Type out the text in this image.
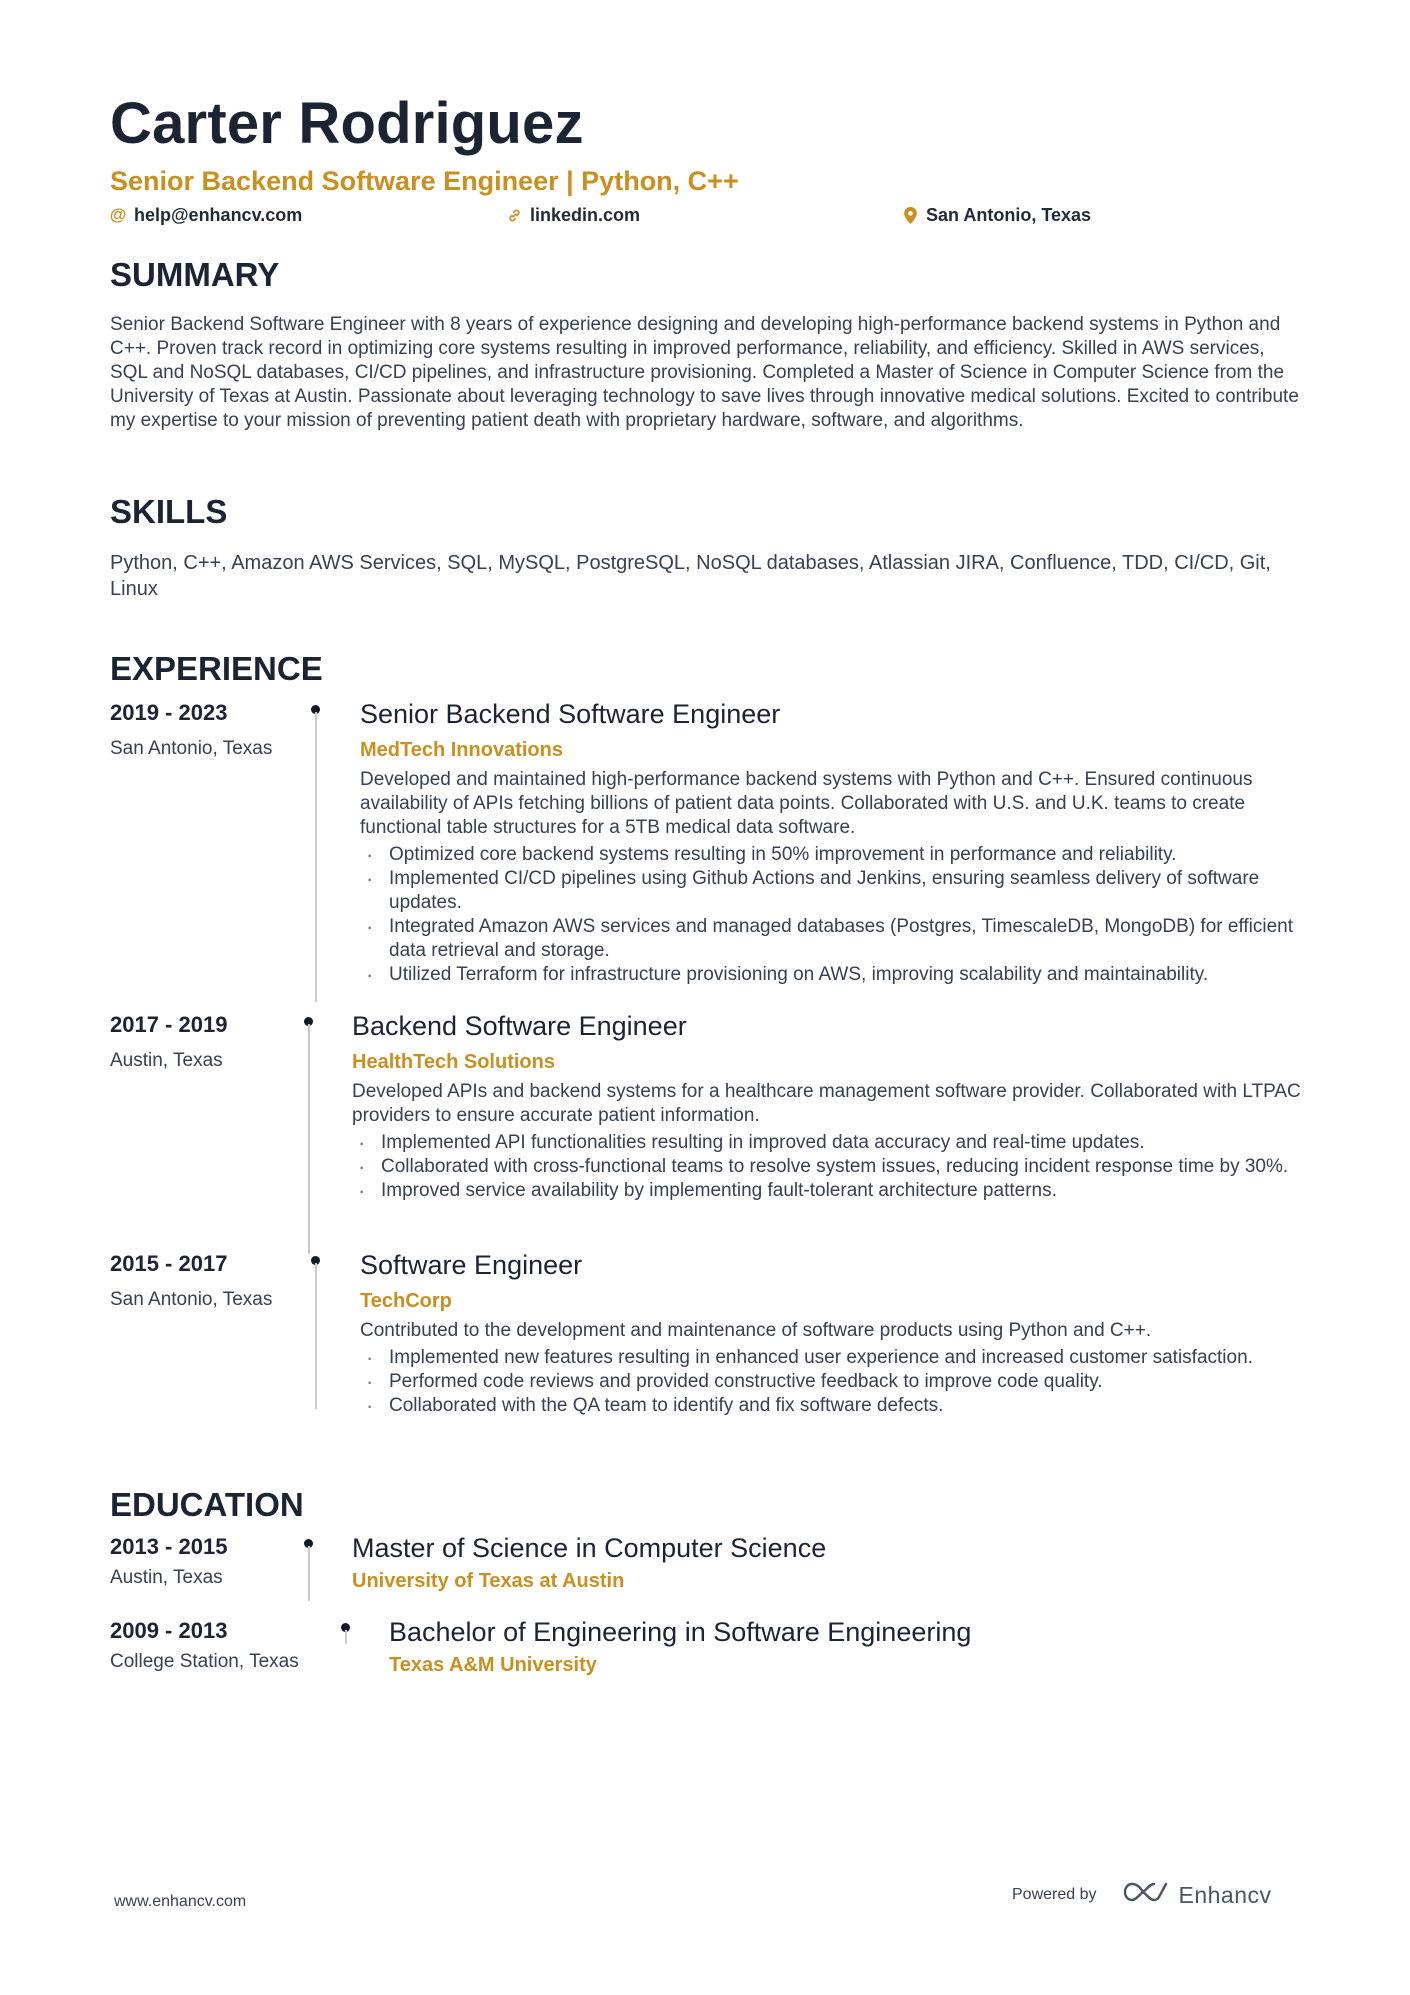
Carter Rodriguez
Senior Backend Software Engineer | Python, C++
@ help@enhancv.com	linkedin.com	San Antonio, Texas
SUMMARY

Senior Backend Software Engineer with 8 years of experience designing and developing high-performance backend systems in Python and C++. Proven track record in optimizing core systems resulting in improved performance, reliability, and efficiency. Skilled in AWS services, SQL and NoSQL databases, CI/CD pipelines, and infrastructure provisioning. Completed a Master of Science in Computer Science from the University of Texas at Austin. Passionate about leveraging technology to save lives through innovative medical solutions. Excited to contribute my expertise to your mission of preventing patient death with proprietary hardware, software, and algorithms.

SKILLS

Python, C++, Amazon AWS Services, SQL, MySQL, PostgreSQL, NoSQL databases, Atlassian JIRA, Confluence, TDD, CI/CD, Git, Linux

EXPERIENCE
2019 - 2023
San Antonio, Texas
Senior Backend Software Engineer
MedTech Innovations
Developed and maintained high-performance backend systems with Python and C++. Ensured continuous availability of APIs fetching billions of patient data points. Collaborated with U.S. and U.K. teams to create functional table structures for a 5TB medical data software.
· Optimized core backend systems resulting in 50% improvement in performance and reliability.
· Implemented CI/CD pipelines using Github Actions and Jenkins, ensuring seamless delivery of software updates.
· Integrated Amazon AWS services and managed databases (Postgres, TimescaleDB, MongoDB) for efficient data retrieval and storage.
· Utilized Terraform for infrastructure provisioning on AWS, improving scalability and maintainability.
2017 - 2019
Austin, Texas
Backend Software Engineer
HealthTech Solutions
Developed APIs and backend systems for a healthcare management software provider. Collaborated with LTPAC providers to ensure accurate patient information.
· Implemented API functionalities resulting in improved data accuracy and real-time updates.
· Collaborated with cross-functional teams to resolve system issues, reducing incident response time by 30%.
· Improved service availability by implementing fault-tolerant architecture patterns.
2015 - 2017
San Antonio, Texas
Software Engineer
TechCorp
Contributed to the development and maintenance of software products using Python and C++.
· Implemented new features resulting in enhanced user experience and increased customer satisfaction.
· Performed code reviews and provided constructive feedback to improve code quality.
· Collaborated with the QA team to identify and fix software defects.
EDUCATION
2013 - 2015
Austin, Texas
Master of Science in Computer Science
University of Texas at Austin
2009 - 2013
College Station, Texas
Bachelor of Engineering in Software Engineering
Texas A&M University
www.enhancv.com	Powered by	Enhancv
